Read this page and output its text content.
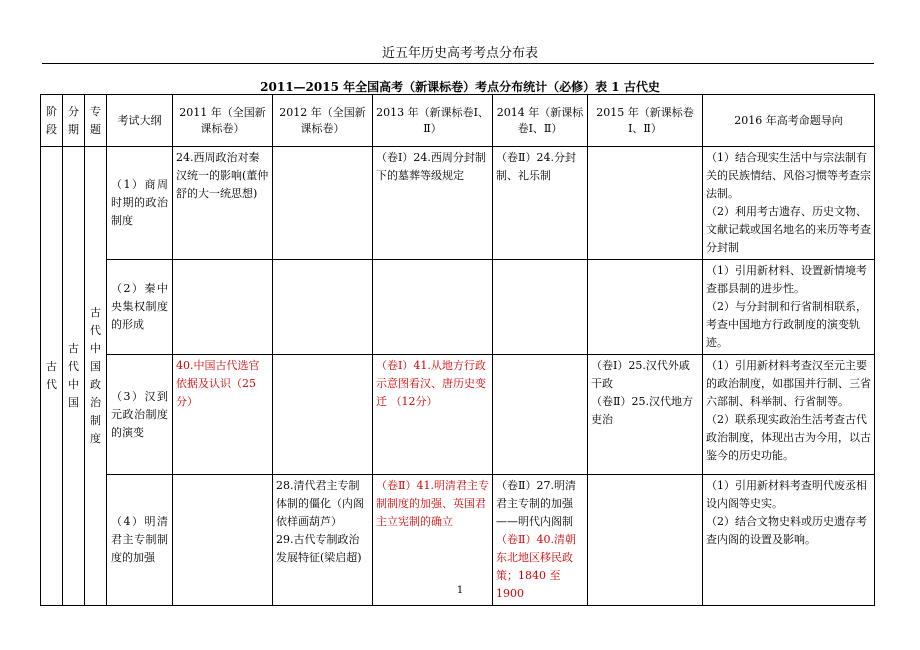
近五年历史高考考点分布表
2011—2015 年全国高考（新课标卷）考点分布统计（必修）表 1 古代史
阶段	分期	专题	考试大纲	2011 年（全国新课标卷）	2012 年（全国新课标卷）	2013 年（新课标卷Ⅰ、Ⅱ）	2014 年（新课标卷Ⅰ、Ⅱ）	2015 年（新课标卷Ⅰ、Ⅱ）	2016 年高考命题导向
古代	古代中国	古代中国政治制度	（1）商周时期的政治制度	24.西周政治对秦汉统一的影响(董仲舒的大一统思想)		（卷Ⅰ）24.西周分封制下的墓葬等级规定	（卷Ⅱ）24.分封制、礼乐制		（1）结合现实生活中与宗法制有关的民族情结、风俗习惯等考查宗法制。
（2）利用考古遗存、历史文物、文献记载或国名地名的来历等考查分封制

			（2）秦中央集权制度的形成						（1）引用新材料、设置新情境考查郡县制的进步性。
（2）与分封制和行省制相联系，考查中国地方行政制度的演变轨迹。

			（3）汉到元政治制度的演变	40.中国古代选官依据及认识（25分）		（卷Ⅰ）41.从地方行政示意图看汉、唐历史变迁 （12分）		（卷Ⅰ）25.汉代外戚干政
（卷Ⅱ）25.汉代地方吏治	（1）引用新材料考查汉至元主要的政治制度，如郡国并行制、三省六部制、科举制、行省制等。
（2）联系现实政治生活考查古代政治制度，体现出古为今用，以古鉴今的历史功能。

			（4）明清君主专制制度的加强		28.清代君主专制体制的僵化（内阁依样画葫芦）
29.古代专制政治发展特征(梁启超)	（卷Ⅱ）41.明清君主专制制度的加强、英国君主立宪制的确立	（卷Ⅱ）27.明清君主专制的加强——明代内阁制
（卷Ⅱ）40.清朝东北地区移民政策；1840 至 1900		（1）引用新材料考查明代废丞相设内阁等史实。
（2）结合文物史料或历史遗存考查内阁的设置及影响。
1
